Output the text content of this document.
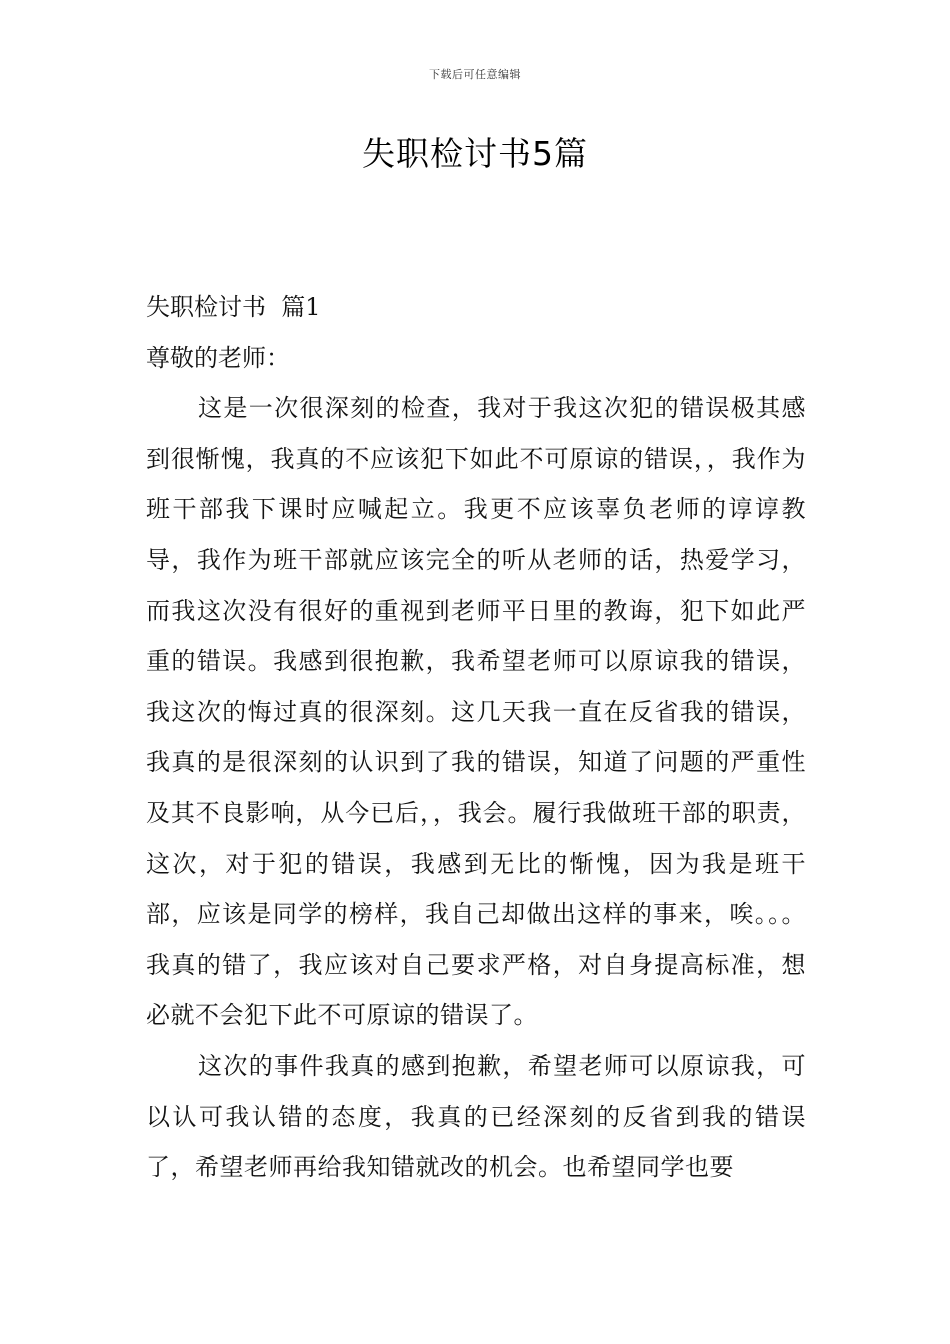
下载后可任意编辑
失职检讨书5篇
失职检讨书  篇1
尊敬的老师：
这是一次很深刻的检查，我对于我这次犯的错误极其感到很惭愧，我真的不应该犯下如此不可原谅的错误，，我作为班干部我下课时应喊起立。我更不应该辜负老师的谆谆教导，我作为班干部就应该完全的听从老师的话，热爱学习，而我这次没有很好的重视到老师平日里的教诲，犯下如此严重的错误。我感到很抱歉，我希望老师可以原谅我的错误，我这次的悔过真的很深刻。这几天我一直在反省我的错误，我真的是很深刻的认识到了我的错误，知道了问题的严重性及其不良影响，从今已后，，我会。履行我做班干部的职责，这次，对于犯的错误，我感到无比的惭愧，因为我是班干部，应该是同学的榜样，我自己却做出这样的事来，唉。。。我真的错了，我应该对自己要求严格，对自身提高标准，想必就不会犯下此不可原谅的错误了。
这次的事件我真的感到抱歉，希望老师可以原谅我，可以认可我认错的态度，我真的已经深刻的反省到我的错误了，希望老师再给我知错就改的机会。也希望同学也要
